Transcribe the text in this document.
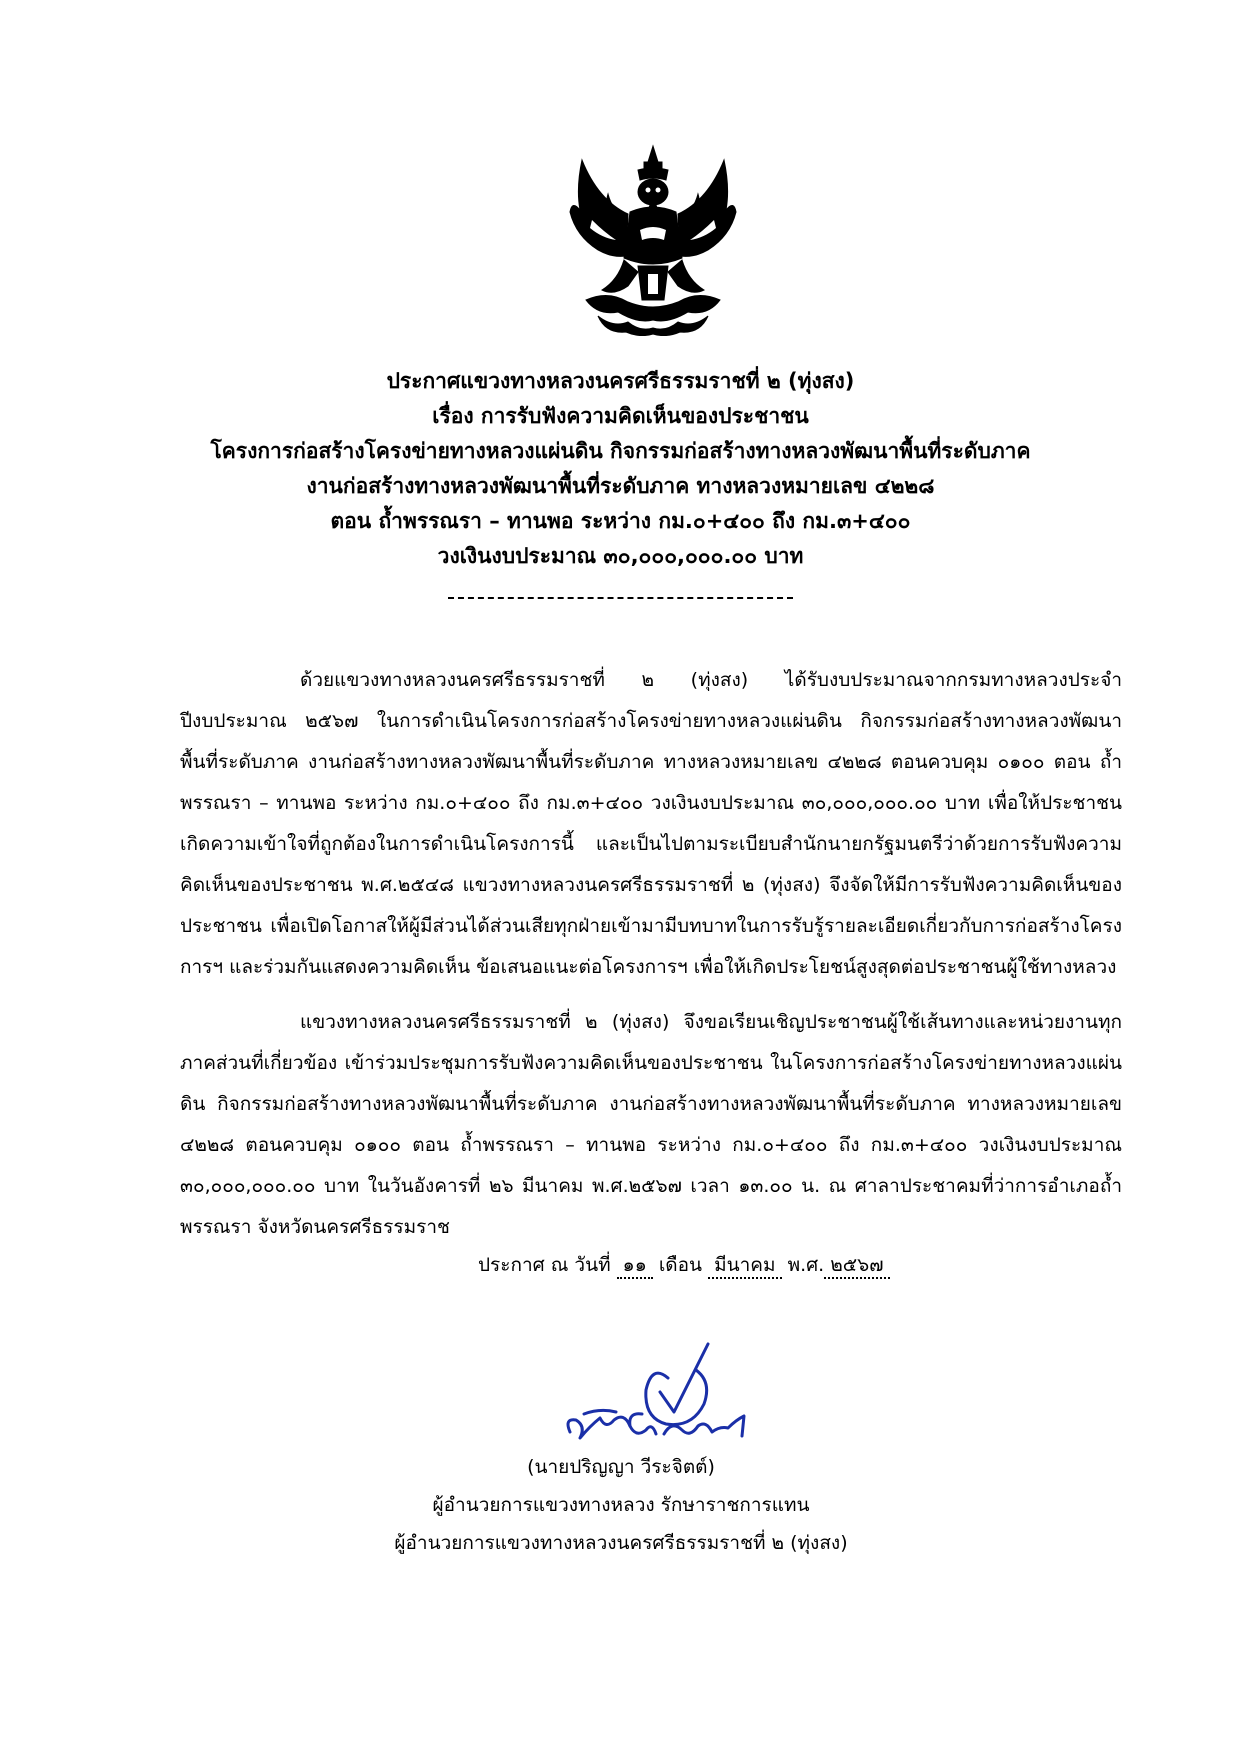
ประกาศแขวงทางหลวงนครศรีธรรมราชที่ ๒ (ทุ่งสง)
เรื่อง การรับฟังความคิดเห็นของประชาชน
โครงการก่อสร้างโครงข่ายทางหลวงแผ่นดิน กิจกรรมก่อสร้างทางหลวงพัฒนาพื้นที่ระดับภาค
งานก่อสร้างทางหลวงพัฒนาพื้นที่ระดับภาค ทางหลวงหมายเลข ๔๒๒๘
ตอน ถ้ำพรรณรา – ทานพอ ระหว่าง กม.๐+๔๐๐ ถึง กม.๓+๔๐๐
วงเงินงบประมาณ ๓๐,๐๐๐,๐๐๐.๐๐ บาท

ด้วยแขวงทางหลวงนครศรีธรรมราชที่ ๒ (ทุ่งสง) ได้รับงบประมาณจากกรมทางหลวงประจำปีงบประมาณ ๒๕๖๗ ในการดำเนินโครงการก่อสร้างโครงข่ายทางหลวงแผ่นดิน กิจกรรมก่อสร้างทางหลวงพัฒนาพื้นที่ระดับภาค งานก่อสร้างทางหลวงพัฒนาพื้นที่ระดับภาค ทางหลวงหมายเลข ๔๒๒๘ ตอนควบคุม ๐๑๐๐ ตอน ถ้ำพรรณรา – ทานพอ ระหว่าง กม.๐+๔๐๐ ถึง กม.๓+๔๐๐ วงเงินงบประมาณ ๓๐,๐๐๐,๐๐๐.๐๐ บาท เพื่อให้ประชาชนเกิดความเข้าใจที่ถูกต้องในการดำเนินโครงการนี้ และเป็นไปตามระเบียบสำนักนายกรัฐมนตรีว่าด้วยการรับฟังความคิดเห็นของประชาชน พ.ศ.๒๕๔๘ แขวงทางหลวงนครศรีธรรมราชที่ ๒ (ทุ่งสง) จึงจัดให้มีการรับฟังความคิดเห็นของประชาชน เพื่อเปิดโอกาสให้ผู้มีส่วนได้ส่วนเสียทุกฝ่ายเข้ามามีบทบาทในการรับรู้รายละเอียดเกี่ยวกับการก่อสร้างโครงการฯ และร่วมกันแสดงความคิดเห็น ข้อเสนอแนะต่อโครงการฯ เพื่อให้เกิดประโยชน์สูงสุดต่อประชาชนผู้ใช้ทางหลวง

แขวงทางหลวงนครศรีธรรมราชที่ ๒ (ทุ่งสง) จึงขอเรียนเชิญประชาชนผู้ใช้เส้นทางและหน่วยงานทุกภาคส่วนที่เกี่ยวข้อง เข้าร่วมประชุมการรับฟังความคิดเห็นของประชาชน ในโครงการก่อสร้างโครงข่ายทางหลวงแผ่นดิน กิจกรรมก่อสร้างทางหลวงพัฒนาพื้นที่ระดับภาค งานก่อสร้างทางหลวงพัฒนาพื้นที่ระดับภาค ทางหลวงหมายเลข ๔๒๒๘ ตอนควบคุม ๐๑๐๐ ตอน ถ้ำพรรณรา – ทานพอ ระหว่าง กม.๐+๔๐๐ ถึง กม.๓+๔๐๐ วงเงินงบประมาณ ๓๐,๐๐๐,๐๐๐.๐๐ บาท ในวันอังคารที่ ๒๖ มีนาคม พ.ศ.๒๕๖๗ เวลา ๑๓.๐๐ น. ณ ศาลาประชาคมที่ว่าการอำเภอถ้ำพรรณรา จังหวัดนครศรีธรรมราช

ประกาศ ณ วันที่ ๑๑ เดือน มีนาคม พ.ศ. ๒๕๖๗
(นายปริญญา วีระจิตต์)
ผู้อำนวยการแขวงทางหลวง รักษาราชการแทน
ผู้อำนวยการแขวงทางหลวงนครศรีธรรมราชที่ ๒ (ทุ่งสง)
